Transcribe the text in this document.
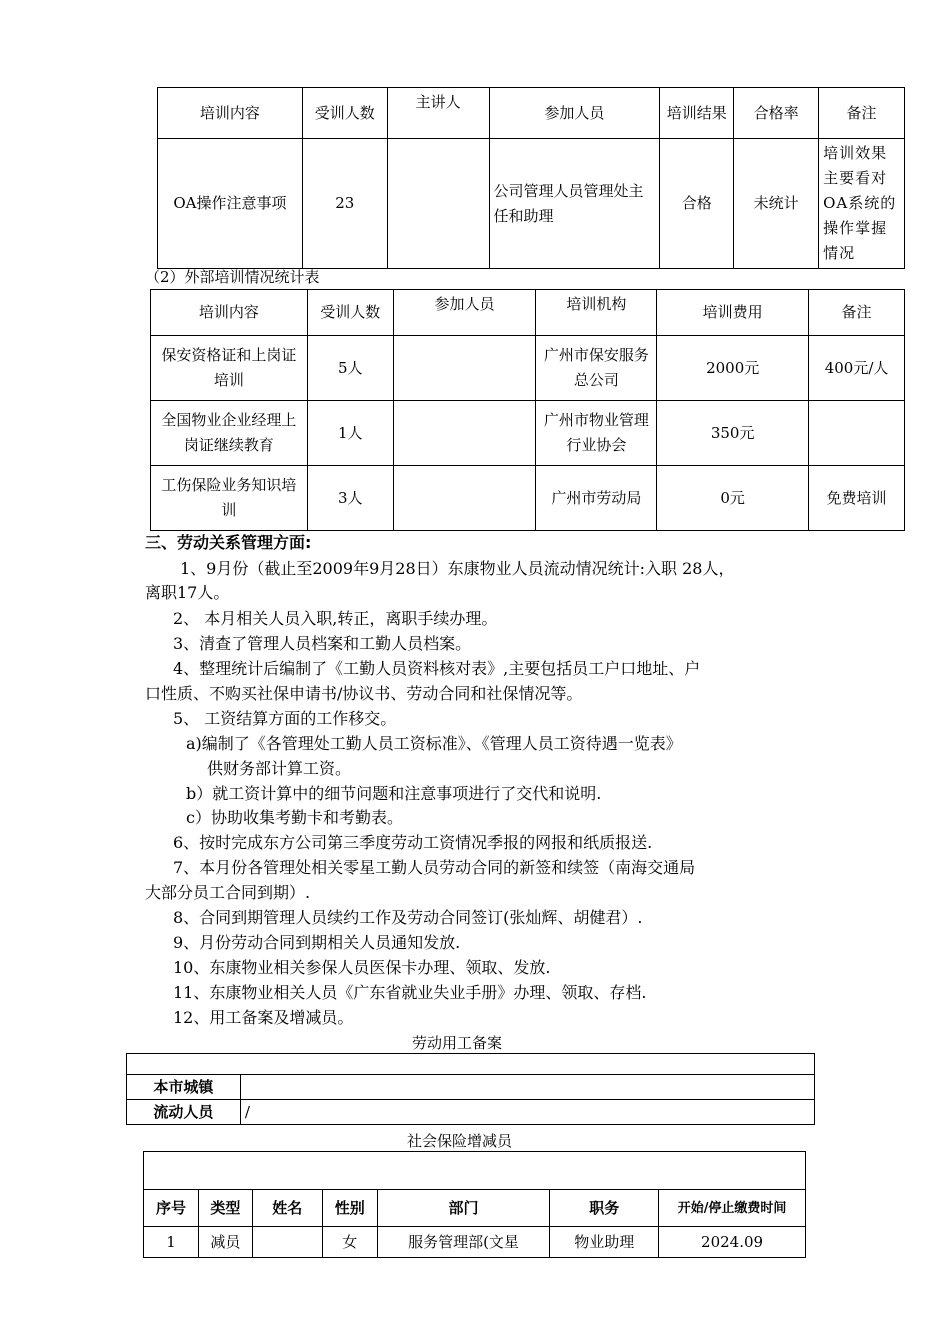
培训内容	受训人数	主讲人	参加人员	培训结果	合格率	备注
OA操作注意事项	23		公司管理人员管理处主任和助理	合格	未统计	培训效果主要看对OA系统的操作掌握情况
（2）外部培训情况统计表
培训内容	受训人数	参加人员	培训机构	培训费用	备注
保安资格证和上岗证培训	5人		广州市保安服务总公司	2000元	400元/人
全国物业企业经理上岗证继续教育	1人		广州市物业管理行业协会	350元	
工伤保险业务知识培训	3人		广州市劳动局	0元	免费培训
三、劳动关系管理方面:
1、9月份（截止至2009年9月28日）东康物业人员流动情况统计:入职 28人，
离职17人。
2、 本月相关人员入职,转正，离职手续办理。
3、清查了管理人员档案和工勤人员档案。
4、整理统计后编制了《工勤人员资料核对表》,主要包括员工户口地址、户
口性质、不购买社保申请书/协议书、劳动合同和社保情况等。
5、 工资结算方面的工作移交。
a)编制了《各管理处工勤人员工资标准》、《管理人员工资待遇一览表》
供财务部计算工资。
b）就工资计算中的细节问题和注意事项进行了交代和说明.
c）协助收集考勤卡和考勤表。
6、按时完成东方公司第三季度劳动工资情况季报的网报和纸质报送.
7、本月份各管理处相关零星工勤人员劳动合同的新签和续签（南海交通局
大部分员工合同到期）.
8、合同到期管理人员续约工作及劳动合同签订(张灿辉、胡健君）.
9、月份劳动合同到期相关人员通知发放.
10、东康物业相关参保人员医保卡办理、领取、发放.
11、东康物业相关人员《广东省就业失业手册》办理、领取、存档.
12、用工备案及增减员。
劳动用工备案

本市城镇	
流动人员	/
社会保险增减员

序号	类型	姓名	性别	部门	职务	开始/停止缴费时间
1	减员		女	服务管理部(文星	物业助理	2024.09
